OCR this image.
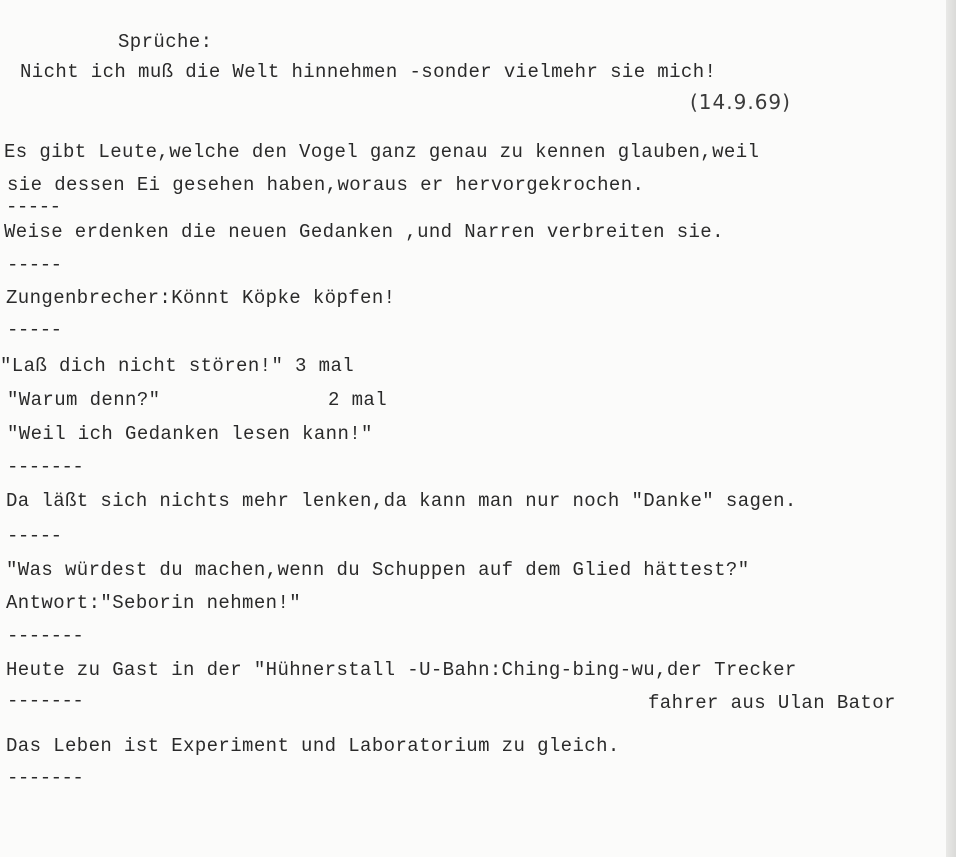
Sprüche:
Nicht ich muß die Welt hinnehmen -sonder vielmehr sie mich!
(14.9.69)
Es gibt Leute,welche den Vogel ganz genau zu kennen glauben,weil
sie dessen Ei gesehen haben,woraus er hervorgekrochen.
-----
Weise erdenken die neuen Gedanken ,und Narren verbreiten sie.
-----
Zungenbrecher:Könnt Köpke köpfen!
-----
"Laß dich nicht stören!" 3 mal
"Warum denn?"	2 mal
"Weil ich Gedanken lesen kann!"
-------
Da läßt sich nichts mehr lenken,da kann man nur noch "Danke" sagen.
-----
"Was würdest du machen,wenn du Schuppen auf dem Glied hättest?"
Antwort:"Seborin nehmen!"
-------
Heute zu Gast in der "Hühnerstall -U-Bahn:Ching-bing-wu,der Trecker
-------	fahrer aus Ulan Bator
Das Leben ist Experiment und Laboratorium zu gleich.
-------
